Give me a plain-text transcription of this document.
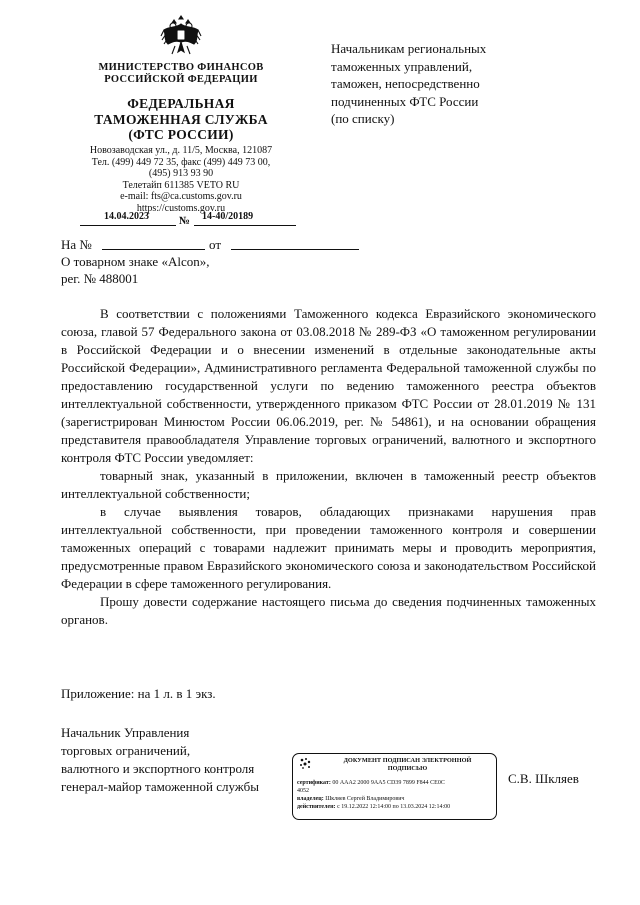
МИНИСТЕРСТВО ФИНАНСОВ
РОССИЙСКОЙ ФЕДЕРАЦИИ
ФЕДЕРАЛЬНАЯ
ТАМОЖЕННАЯ СЛУЖБА
(ФТС РОССИИ)
Новозаводская ул., д. 11/5, Москва, 121087
Тел. (499) 449 72 35, факс (499) 449 73 00,
(495) 913 93 90
Телетайп 611385 VETO RU
e-mail: fts@ca.customs.gov.ru
https://customs.gov.ru
14.04.2023	№ 14-40/20189
На №	от
О товарном знаке «Alcon»,
рег. № 488001
Начальникам региональных
таможенных управлений,
таможен, непосредственно
подчиненных ФТС России
(по списку)

В соответствии с положениями Таможенного кодекса Евразийского экономического союза, главой 57 Федерального закона от 03.08.2018 № 289-ФЗ «О таможенном регулировании в Российской Федерации и о внесении изменений в отдельные законодательные акты Российской Федерации», Административного регламента Федеральной таможенной службы по предоставлению государственной услуги по ведению таможенного реестра объектов интеллектуальной собственности, утвержденного приказом ФТС России от 28.01.2019 № 131 (зарегистрирован Минюстом России 06.06.2019, рег. № 54861), и на основании обращения представителя правообладателя Управление торговых ограничений, валютного и экспортного контроля ФТС России уведомляет:

товарный знак, указанный в приложении, включен в таможенный реестр объектов интеллектуальной собственности;

в случае выявления товаров, обладающих признаками нарушения прав интеллектуальной собственности, при проведении таможенного контроля и совершении таможенных операций с товарами надлежит принимать меры и проводить мероприятия, предусмотренные правом Евразийского экономического союза и законодательством Российской Федерации в сфере таможенного регулирования.

Прошу довести содержание настоящего письма до сведения подчиненных таможенных органов.

Приложение: на 1 л. в 1 экз.
Начальник Управления
торговых ограничений,
валютного и экспортного контроля
генерал-майор таможенной службы
ДОКУМЕНТ ПОДПИСАН ЭЛЕКТРОННОЙ
ПОДПИСЬЮ
сертификат: 00 AAA2 2000 9AA5 CD39 7899 F844 CE0C
4052
владелец: Шкляев Сергей Владимирович
действителен: с 19.12.2022 12:14:00 по 13.03.2024 12:14:00
С.В. Шкляев
